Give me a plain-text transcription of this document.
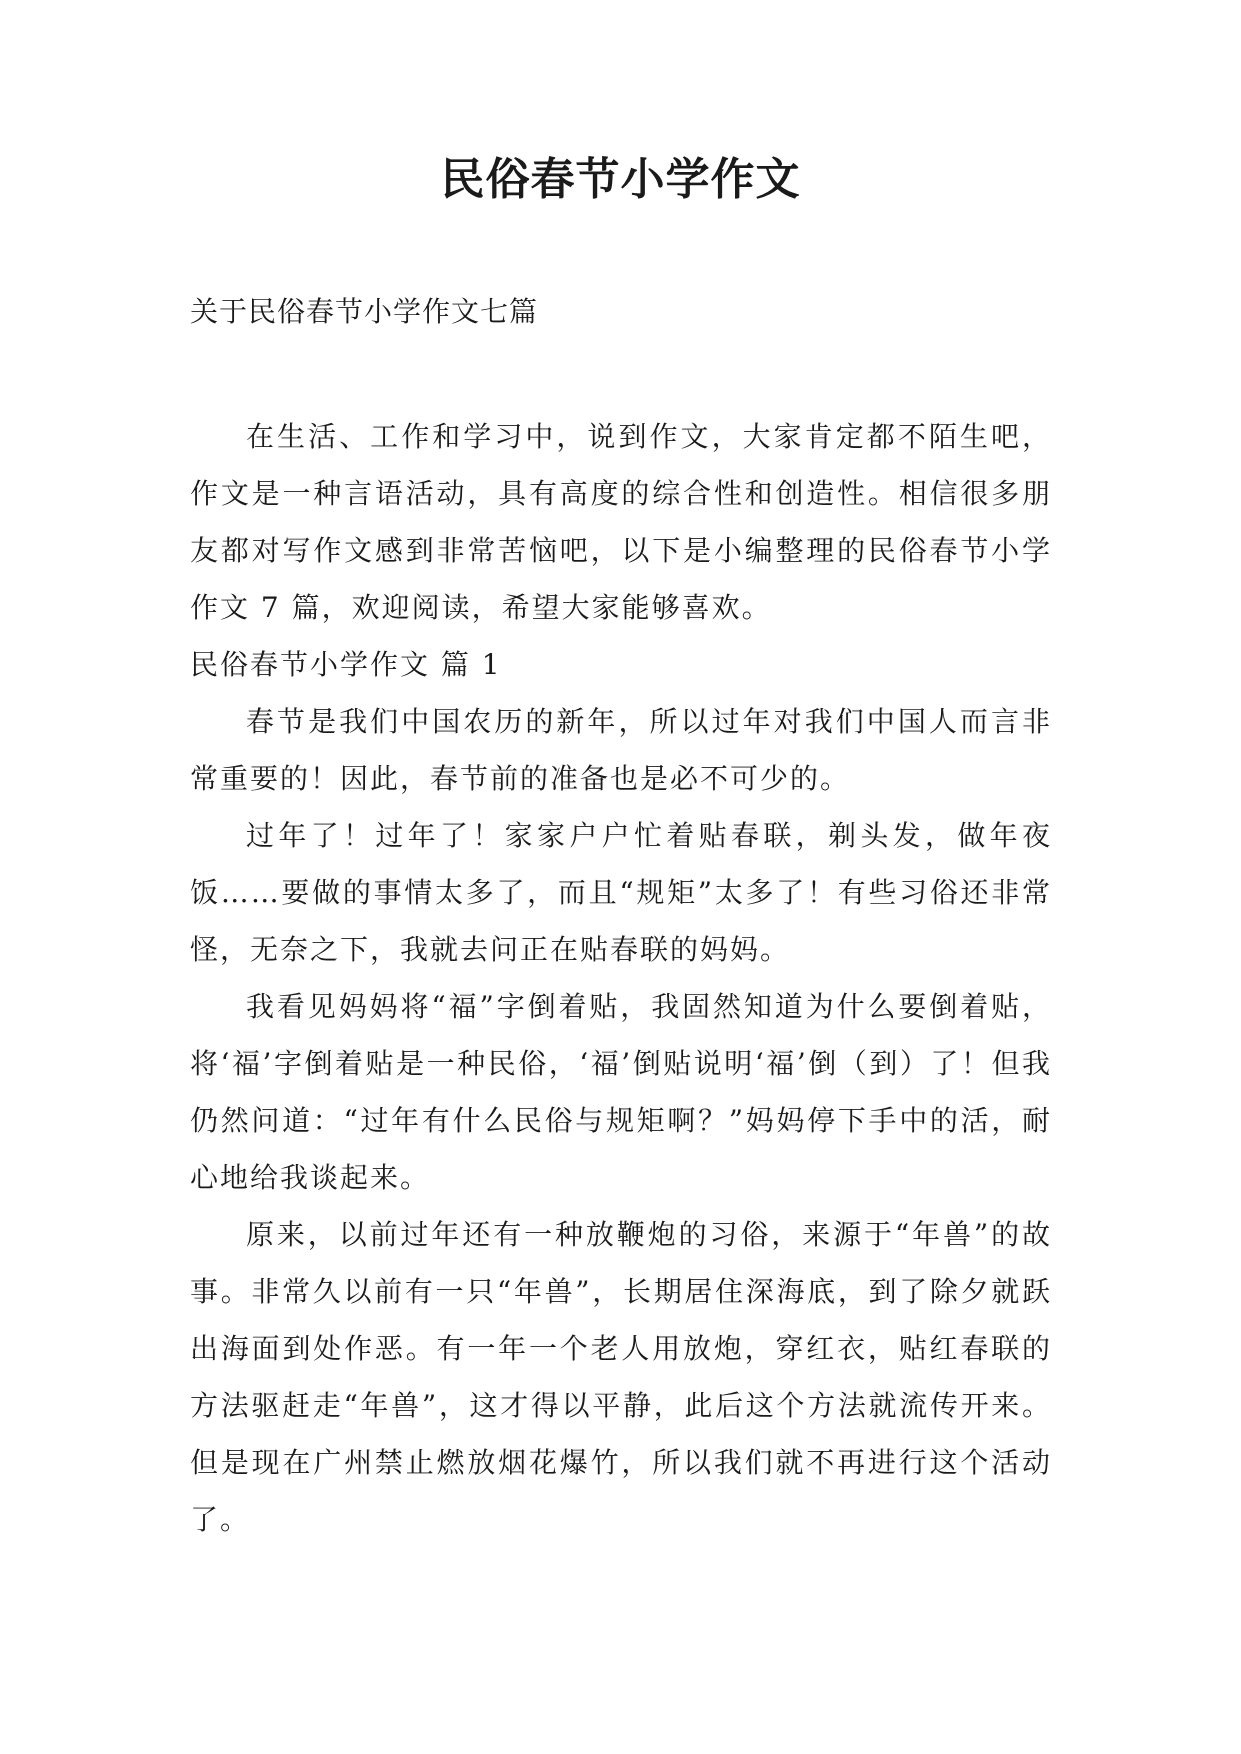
民俗春节小学作文

关于民俗春节小学作文七篇

在生活、工作和学习中，说到作文，大家肯定都不陌生吧，作文是一种言语活动，具有高度的综合性和创造性。相信很多朋友都对写作文感到非常苦恼吧，以下是小编整理的民俗春节小学作文 7 篇，欢迎阅读，希望大家能够喜欢。

民俗春节小学作文 篇 1

春节是我们中国农历的新年，所以过年对我们中国人而言非常重要的！因此，春节前的准备也是必不可少的。

过年了！过年了！家家户户忙着贴春联，剃头发，做年夜饭……要做的事情太多了，而且“规矩”太多了！有些习俗还非常怪，无奈之下，我就去问正在贴春联的妈妈。

我看见妈妈将“福”字倒着贴，我固然知道为什么要倒着贴，将‘福’字倒着贴是一种民俗，‘福’倒贴说明‘福’倒（到）了！但我仍然问道：“过年有什么民俗与规矩啊？”妈妈停下手中的活，耐心地给我谈起来。

原来，以前过年还有一种放鞭炮的习俗，来源于“年兽”的故事。非常久以前有一只“年兽”，长期居住深海底，到了除夕就跃出海面到处作恶。有一年一个老人用放炮，穿红衣，贴红春联的方法驱赶走“年兽”，这才得以平静，此后这个方法就流传开来。但是现在广州禁止燃放烟花爆竹，所以我们就不再进行这个活动了。
